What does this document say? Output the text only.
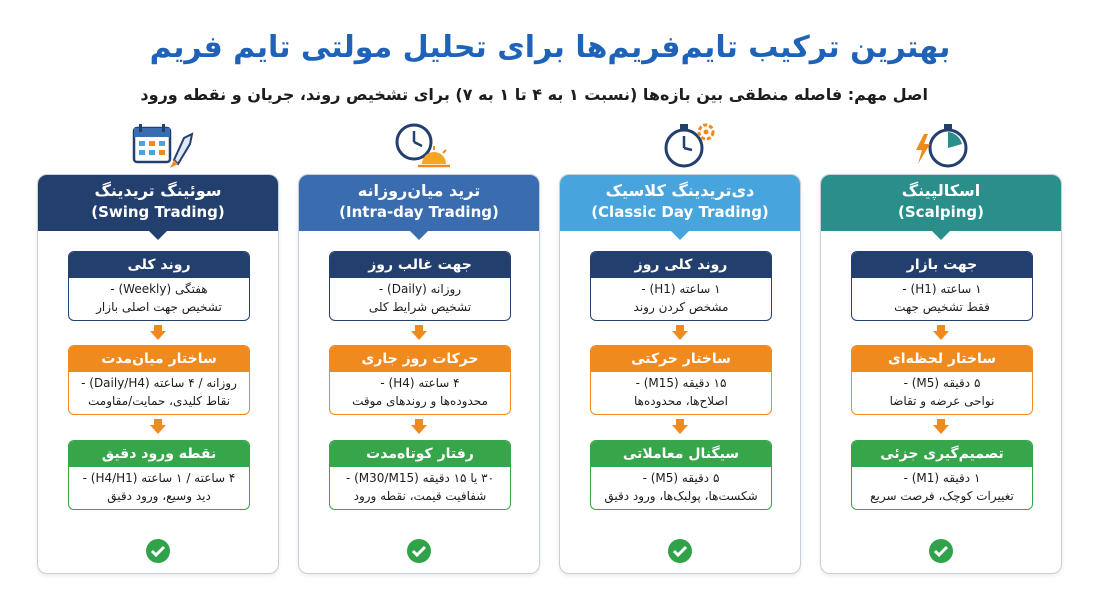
بهترین ترکیب تایم‌فریم‌ها برای تحلیل مولتی تایم فریم
اصل مهم: فاصله منطقی بین بازه‌ها (نسبت ۱ به ۴ تا ۱ به ۷) برای تشخیص روند، جریان و نقطه ورود
سوئینگ تریدینگ
(Swing Trading)
روند کلی
هفتگی (Weekly) -
تشخیص جهت اصلی بازار
ساختار میان‌مدت
روزانه / ۴ ساعته (Daily/H4) -
نقاط کلیدی، حمایت/مقاومت
نقطه ورود دقیق
۴ ساعته / ۱ ساعته (H4/H1) -
دید وسیع، ورود دقیق
ترید میان‌روزانه
(Intra-day Trading)
جهت غالب روز
روزانه (Daily) -
تشخیص شرایط کلی
حرکات روز جاری
۴ ساعته (H4) -
محدوده‌ها و روندهای موقت
رفتار کوتاه‌مدت
۳۰ یا ۱۵ دقیقه (M30/M15) -
شفافیت قیمت، نقطه ورود
دی‌تریدینگ کلاسیک
(Classic Day Trading)
روند کلی روز
۱ ساعته (H1) -
مشخص کردن روند
ساختار حرکتی
۱۵ دقیقه (M15) -
اصلاح‌ها، محدوده‌ها
سیگنال معاملاتی
۵ دقیقه (M5) -
شکست‌ها، پولبک‌ها، ورود دقیق
اسکالپینگ
(Scalping)
جهت بازار
۱ ساعته (H1) -
فقط تشخیص جهت
ساختار لحظه‌ای
۵ دقیقه (M5) -
نواحی عرضه و تقاضا
تصمیم‌گیری جزئی
۱ دقیقه (M1) -
تغییرات کوچک، فرصت سریع
